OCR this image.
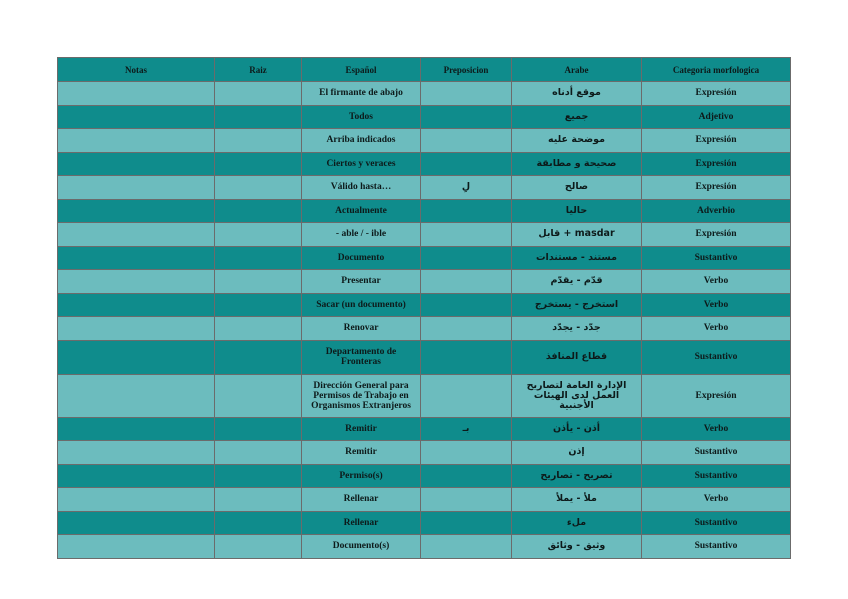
Notas	Raiz	Español	Preposicion	Arabe	Categoria morfologica
		El firmante de abajo		موقع أدناه	Expresión
		Todos		جميع	Adjetivo
		Arriba indicados		موضحة عليه	Expresión
		Ciertos y veraces		صحيحة و مطابقة	Expresión
		Válido hasta…	لِ	صالح	Expresión
		Actualmente		حاليا	Adverbio
		- able / - ible		masdar + قابل	Expresión
		Documento		مستند - مستندات	Sustantivo
		Presentar		قدّم - يقدّم	Verbo
		Sacar (un documento)		استخرج - يستخرج	Verbo
		Renovar		جدّد - يجدّد	Verbo
		Departamento de Fronteras		قطاع المنافذ	Sustantivo
		Dirección General para Permisos de Trabajo en Organismos Extranjeros		الإدارة العامة لتصاريح العمل لدى الهيئات الأجنبية	Expresión
		Remitir	بـ	أذن - يأذن	Verbo
		Remitir		إذن	Sustantivo
		Permiso(s)		تصريح - تصاريح	Sustantivo
		Rellenar		ملأ - يملأ	Verbo
		Rellenar		ملء	Sustantivo
		Documento(s)		وثيق - وثائق	Sustantivo
